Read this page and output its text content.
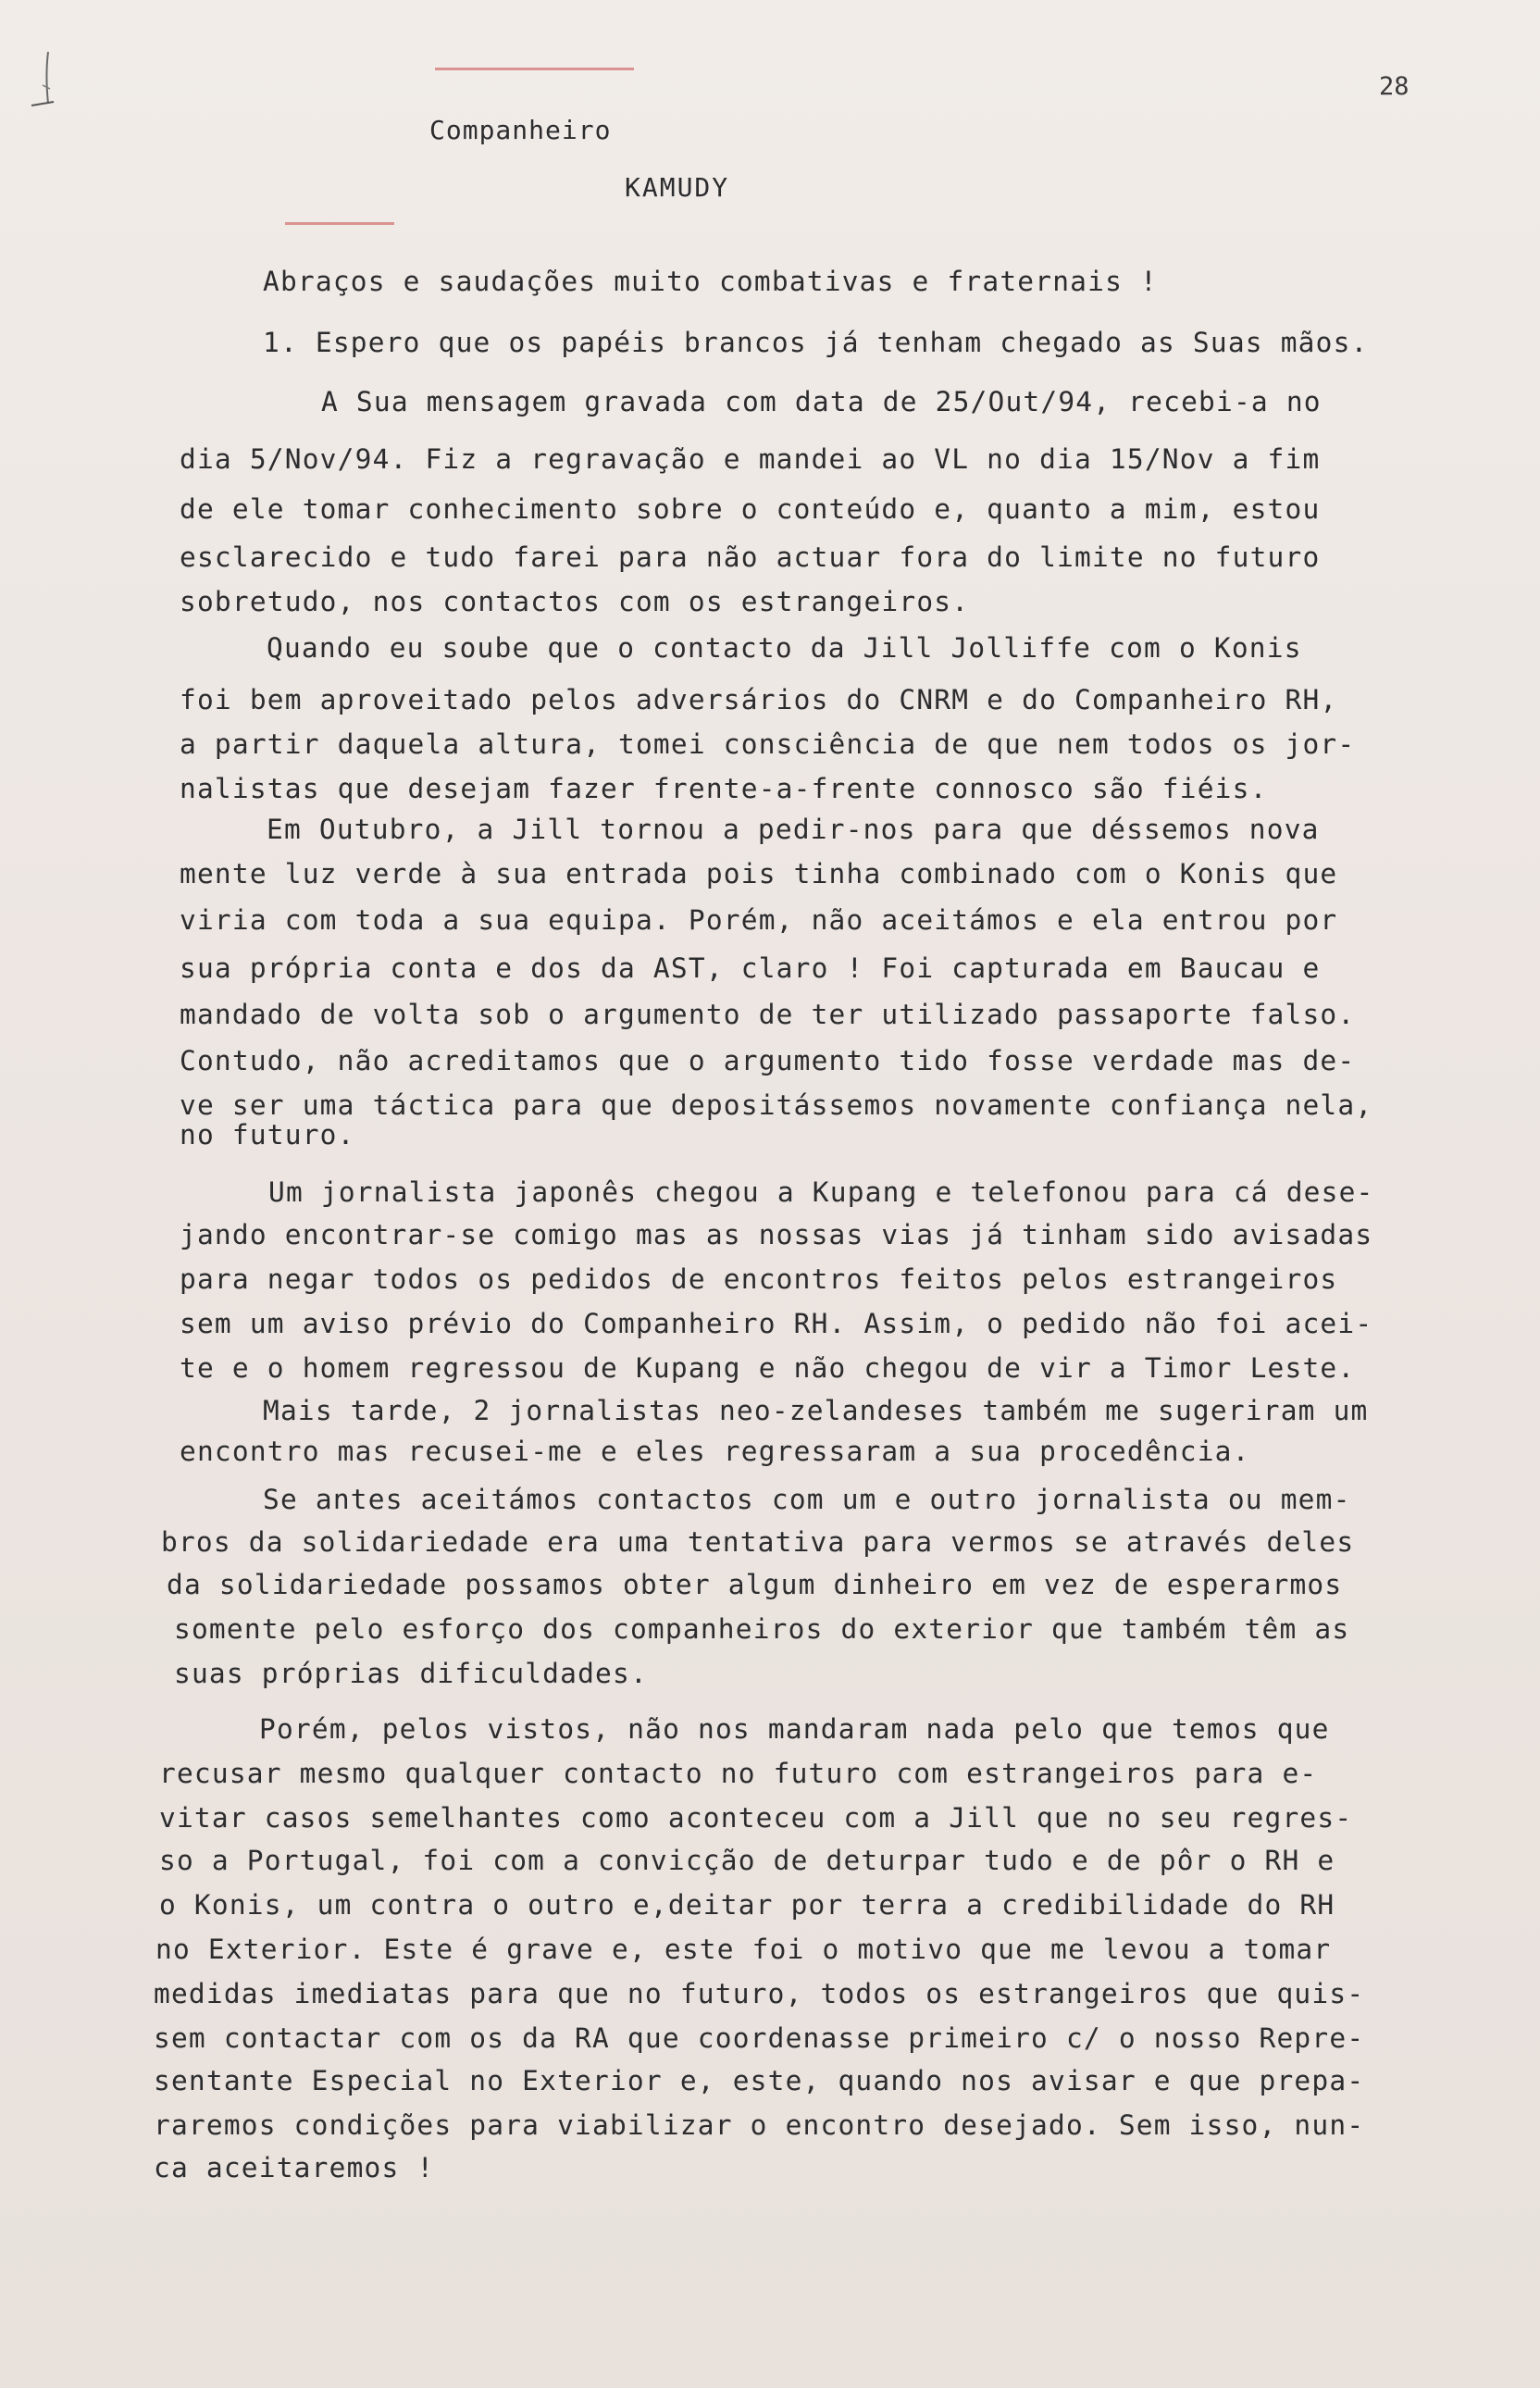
28
Companheiro
KAMUDY
Abraços e saudações muito combativas e fraternais !
1. Espero que os papéis brancos já tenham chegado as Suas mãos.
A Sua mensagem gravada com data de 25/Out/94, recebi-a no
dia 5/Nov/94. Fiz a regravação e mandei ao VL no dia 15/Nov a fim
de ele tomar conhecimento sobre o conteúdo e, quanto a mim, estou
esclarecido e tudo farei para não actuar fora do limite no futuro
sobretudo, nos contactos com os estrangeiros.
Quando eu soube que o contacto da Jill Jolliffe com o Konis
foi bem aproveitado pelos adversários do CNRM e do Companheiro RH,
a partir daquela altura, tomei consciência de que nem todos os jor-
nalistas que desejam fazer frente-a-frente connosco são fiéis.
Em Outubro, a Jill tornou a pedir-nos para que déssemos nova
mente luz verde à sua entrada pois tinha combinado com o Konis que
viria com toda a sua equipa. Porém, não aceitámos e ela entrou por
sua própria conta e dos da AST, claro ! Foi capturada em Baucau e
mandado de volta sob o argumento de ter utilizado passaporte falso.
Contudo, não acreditamos que o argumento tido fosse verdade mas de-
ve ser uma táctica para que depositássemos novamente confiança nela,
no futuro.
Um jornalista japonês chegou a Kupang e telefonou para cá dese-
jando encontrar-se comigo mas as nossas vias já tinham sido avisadas
para negar todos os pedidos de encontros feitos pelos estrangeiros
sem um aviso prévio do Companheiro RH. Assim, o pedido não foi acei-
te e o homem regressou de Kupang e não chegou de vir a Timor Leste.
Mais tarde, 2 jornalistas neo-zelandeses também me sugeriram um
encontro mas recusei-me e eles regressaram a sua procedência.
Se antes aceitámos contactos com um e outro jornalista ou mem-
bros da solidariedade era uma tentativa para vermos se através deles
da solidariedade possamos obter algum dinheiro em vez de esperarmos
somente pelo esforço dos companheiros do exterior que também têm as
suas próprias dificuldades.
Porém, pelos vistos, não nos mandaram nada pelo que temos que
recusar mesmo qualquer contacto no futuro com estrangeiros para e-
vitar casos semelhantes como aconteceu com a Jill que no seu regres-
so a Portugal, foi com a convicção de deturpar tudo e de pôr o RH e
o Konis, um contra o outro e,deitar por terra a credibilidade do RH
no Exterior. Este é grave e, este foi o motivo que me levou a tomar
medidas imediatas para que no futuro, todos os estrangeiros que quis-
sem contactar com os da RA que coordenasse primeiro c/ o nosso Repre-
sentante Especial no Exterior e, este, quando nos avisar e que prepa-
raremos condições para viabilizar o encontro desejado. Sem isso, nun-
ca aceitaremos !
